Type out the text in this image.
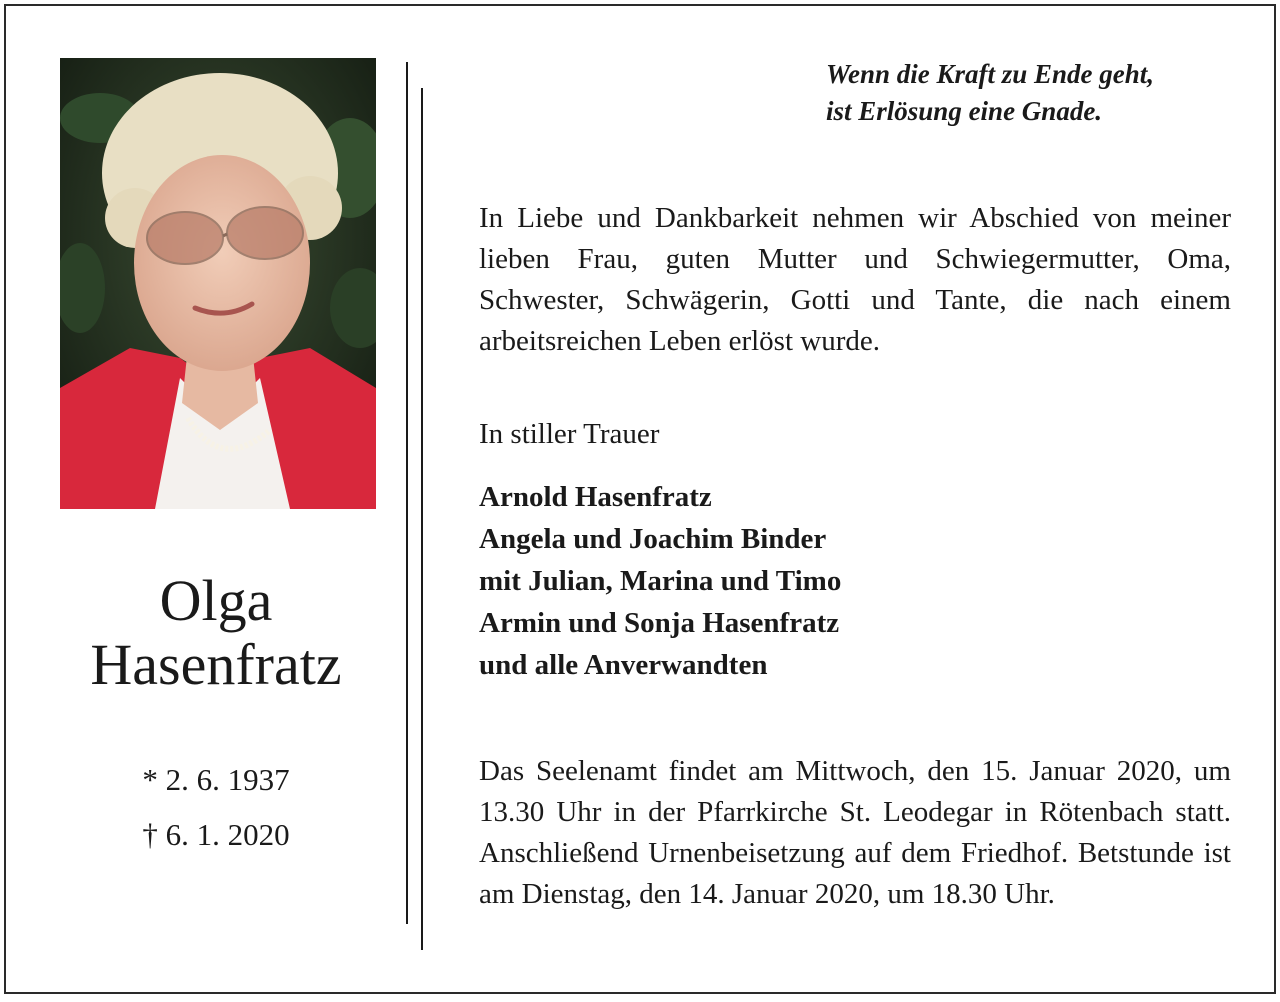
Olga
Hasenfratz
* 2. 6. 1937
† 6. 1. 2020
Wenn die Kraft zu Ende geht,
ist Erlösung eine Gnade.

In Liebe und Dankbarkeit nehmen wir Abschied von meiner lieben Frau, guten Mutter und Schwiegermutter, Oma, Schwester, Schwägerin, Gotti und Tante, die nach einem arbeitsreichen Leben erlöst wurde.

In stiller Trauer

Arnold Hasenfratz
Angela und Joachim Binder
mit Julian, Marina und Timo
Armin und Sonja Hasenfratz
und alle Anverwandten

Das Seelenamt findet am Mittwoch, den 15. Januar 2020, um 13.30 Uhr in der Pfarrkirche St. Leodegar in Rötenbach statt. Anschließend Urnenbeisetzung auf dem Friedhof. Betstunde ist am Dienstag, den 14. Januar 2020, um 18.30 Uhr.
